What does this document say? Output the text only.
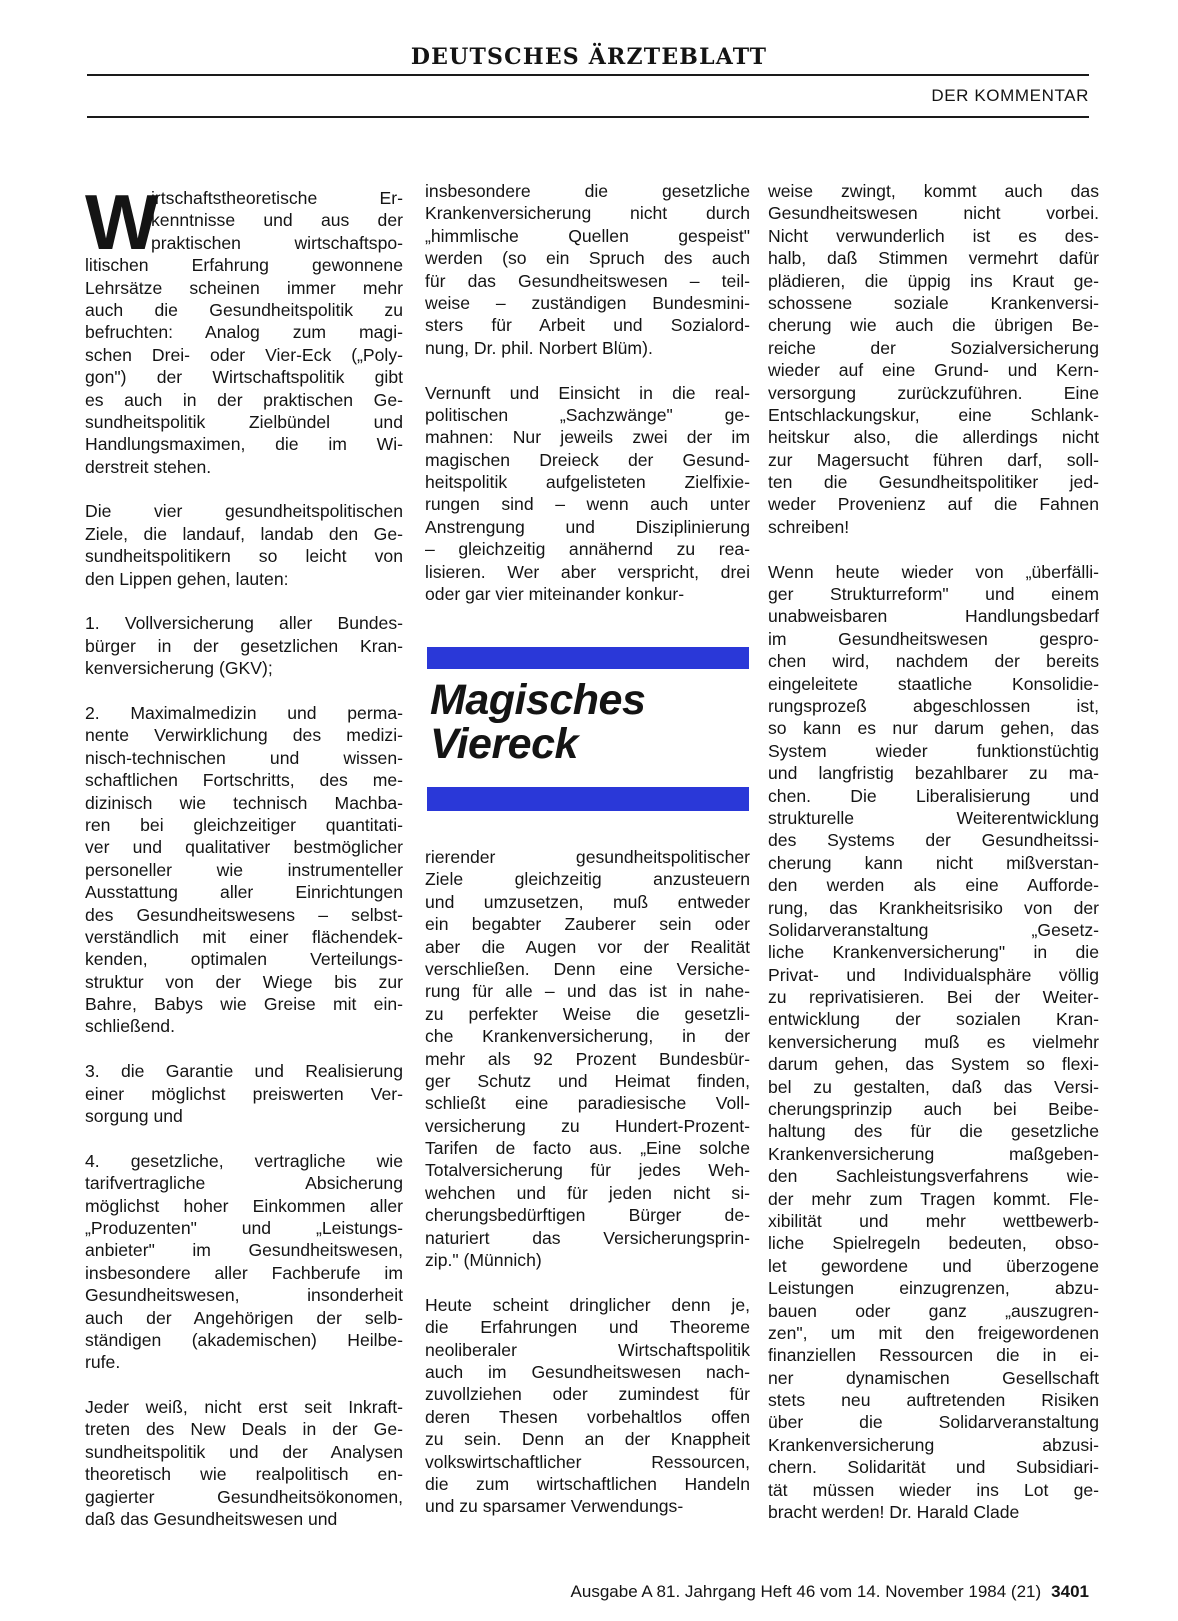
DEUTSCHES ÄRZTEBLATT
DER KOMMENTAR
W
irtschaftstheoretische Er-
kenntnisse und aus der
praktischen wirtschaftspo-
litischen Erfahrung gewonnene
Lehrsätze scheinen immer mehr
auch die Gesundheitspolitik zu
befruchten: Analog zum magi-
schen Drei- oder Vier-Eck („Poly-
gon") der Wirtschaftspolitik gibt
es auch in der praktischen Ge-
sundheitspolitik Zielbündel und
Handlungsmaximen, die im Wi-
derstreit stehen.
Die vier gesundheitspolitischen
Ziele, die landauf, landab den Ge-
sundheitspolitikern so leicht von
den Lippen gehen, lauten:
1. Vollversicherung aller Bundes-
bürger in der gesetzlichen Kran-
kenversicherung (GKV);
2. Maximalmedizin und perma-
nente Verwirklichung des medizi-
nisch-technischen und wissen-
schaftlichen Fortschritts, des me-
dizinisch wie technisch Machba-
ren bei gleichzeitiger quantitati-
ver und qualitativer bestmöglicher
personeller wie instrumenteller
Ausstattung aller Einrichtungen
des Gesundheitswesens – selbst-
verständlich mit einer flächendek-
kenden, optimalen Verteilungs-
struktur von der Wiege bis zur
Bahre, Babys wie Greise mit ein-
schließend.
3. die Garantie und Realisierung
einer möglichst preiswerten Ver-
sorgung und
4. gesetzliche, vertragliche wie
tarifvertragliche Absicherung
möglichst hoher Einkommen aller
„Produzenten" und „Leistungs-
anbieter" im Gesundheitswesen,
insbesondere aller Fachberufe im
Gesundheitswesen, insonderheit
auch der Angehörigen der selb-
ständigen (akademischen) Heilbe-
rufe.
Jeder weiß, nicht erst seit Inkraft-
treten des New Deals in der Ge-
sundheitspolitik und der Analysen
theoretisch wie realpolitisch en-
gagierter Gesundheitsökonomen,
daß das Gesundheitswesen und
insbesondere die gesetzliche
Krankenversicherung nicht durch
„himmlische Quellen gespeist"
werden (so ein Spruch des auch
für das Gesundheitswesen – teil-
weise – zuständigen Bundesmini-
sters für Arbeit und Sozialord-
nung, Dr. phil. Norbert Blüm).
Vernunft und Einsicht in die real-
politischen „Sachzwänge" ge-
mahnen: Nur jeweils zwei der im
magischen Dreieck der Gesund-
heitspolitik aufgelisteten Zielfixie-
rungen sind – wenn auch unter
Anstrengung und Disziplinierung
– gleichzeitig annähernd zu rea-
lisieren. Wer aber verspricht, drei
oder gar vier miteinander konkur-
Magisches
Viereck
rierender gesundheitspolitischer
Ziele gleichzeitig anzusteuern
und umzusetzen, muß entweder
ein begabter Zauberer sein oder
aber die Augen vor der Realität
verschließen. Denn eine Versiche-
rung für alle – und das ist in nahe-
zu perfekter Weise die gesetzli-
che Krankenversicherung, in der
mehr als 92 Prozent Bundesbür-
ger Schutz und Heimat finden,
schließt eine paradiesische Voll-
versicherung zu Hundert-Prozent-
Tarifen de facto aus. „Eine solche
Totalversicherung für jedes Weh-
wehchen und für jeden nicht si-
cherungsbedürftigen Bürger de-
naturiert das Versicherungsprin-
zip." (Münnich)
Heute scheint dringlicher denn je,
die Erfahrungen und Theoreme
neoliberaler Wirtschaftspolitik
auch im Gesundheitswesen nach-
zuvollziehen oder zumindest für
deren Thesen vorbehaltlos offen
zu sein. Denn an der Knappheit
volkswirtschaftlicher Ressourcen,
die zum wirtschaftlichen Handeln
und zu sparsamer Verwendungs-
weise zwingt, kommt auch das
Gesundheitswesen nicht vorbei.
Nicht verwunderlich ist es des-
halb, daß Stimmen vermehrt dafür
plädieren, die üppig ins Kraut ge-
schossene soziale Krankenversi-
cherung wie auch die übrigen Be-
reiche der Sozialversicherung
wieder auf eine Grund- und Kern-
versorgung zurückzuführen. Eine
Entschlackungskur, eine Schlank-
heitskur also, die allerdings nicht
zur Magersucht führen darf, soll-
ten die Gesundheitspolitiker jed-
weder Provenienz auf die Fahnen
schreiben!
Wenn heute wieder von „überfälli-
ger Strukturreform" und einem
unabweisbaren Handlungsbedarf
im Gesundheitswesen gespro-
chen wird, nachdem der bereits
eingeleitete staatliche Konsolidie-
rungsprozeß abgeschlossen ist,
so kann es nur darum gehen, das
System wieder funktionstüchtig
und langfristig bezahlbarer zu ma-
chen. Die Liberalisierung und
strukturelle Weiterentwicklung
des Systems der Gesundheitssi-
cherung kann nicht mißverstan-
den werden als eine Aufforde-
rung, das Krankheitsrisiko von der
Solidarveranstaltung „Gesetz-
liche Krankenversicherung" in die
Privat- und Individualsphäre völlig
zu reprivatisieren. Bei der Weiter-
entwicklung der sozialen Kran-
kenversicherung muß es vielmehr
darum gehen, das System so flexi-
bel zu gestalten, daß das Versi-
cherungsprinzip auch bei Beibe-
haltung des für die gesetzliche
Krankenversicherung maßgeben-
den Sachleistungsverfahrens wie-
der mehr zum Tragen kommt. Fle-
xibilität und mehr wettbewerb-
liche Spielregeln bedeuten, obso-
let gewordene und überzogene
Leistungen einzugrenzen, abzu-
bauen oder ganz „auszugren-
zen", um mit den freigewordenen
finanziellen Ressourcen die in ei-
ner dynamischen Gesellschaft
stets neu auftretenden Risiken
über die Solidarveranstaltung
Krankenversicherung abzusi-
chern. Solidarität und Subsidiari-
tät müssen wieder ins Lot ge-
bracht werden! Dr. Harald Clade
Ausgabe A 81. Jahrgang Heft 46 vom 14. November 1984 (21) 3401
